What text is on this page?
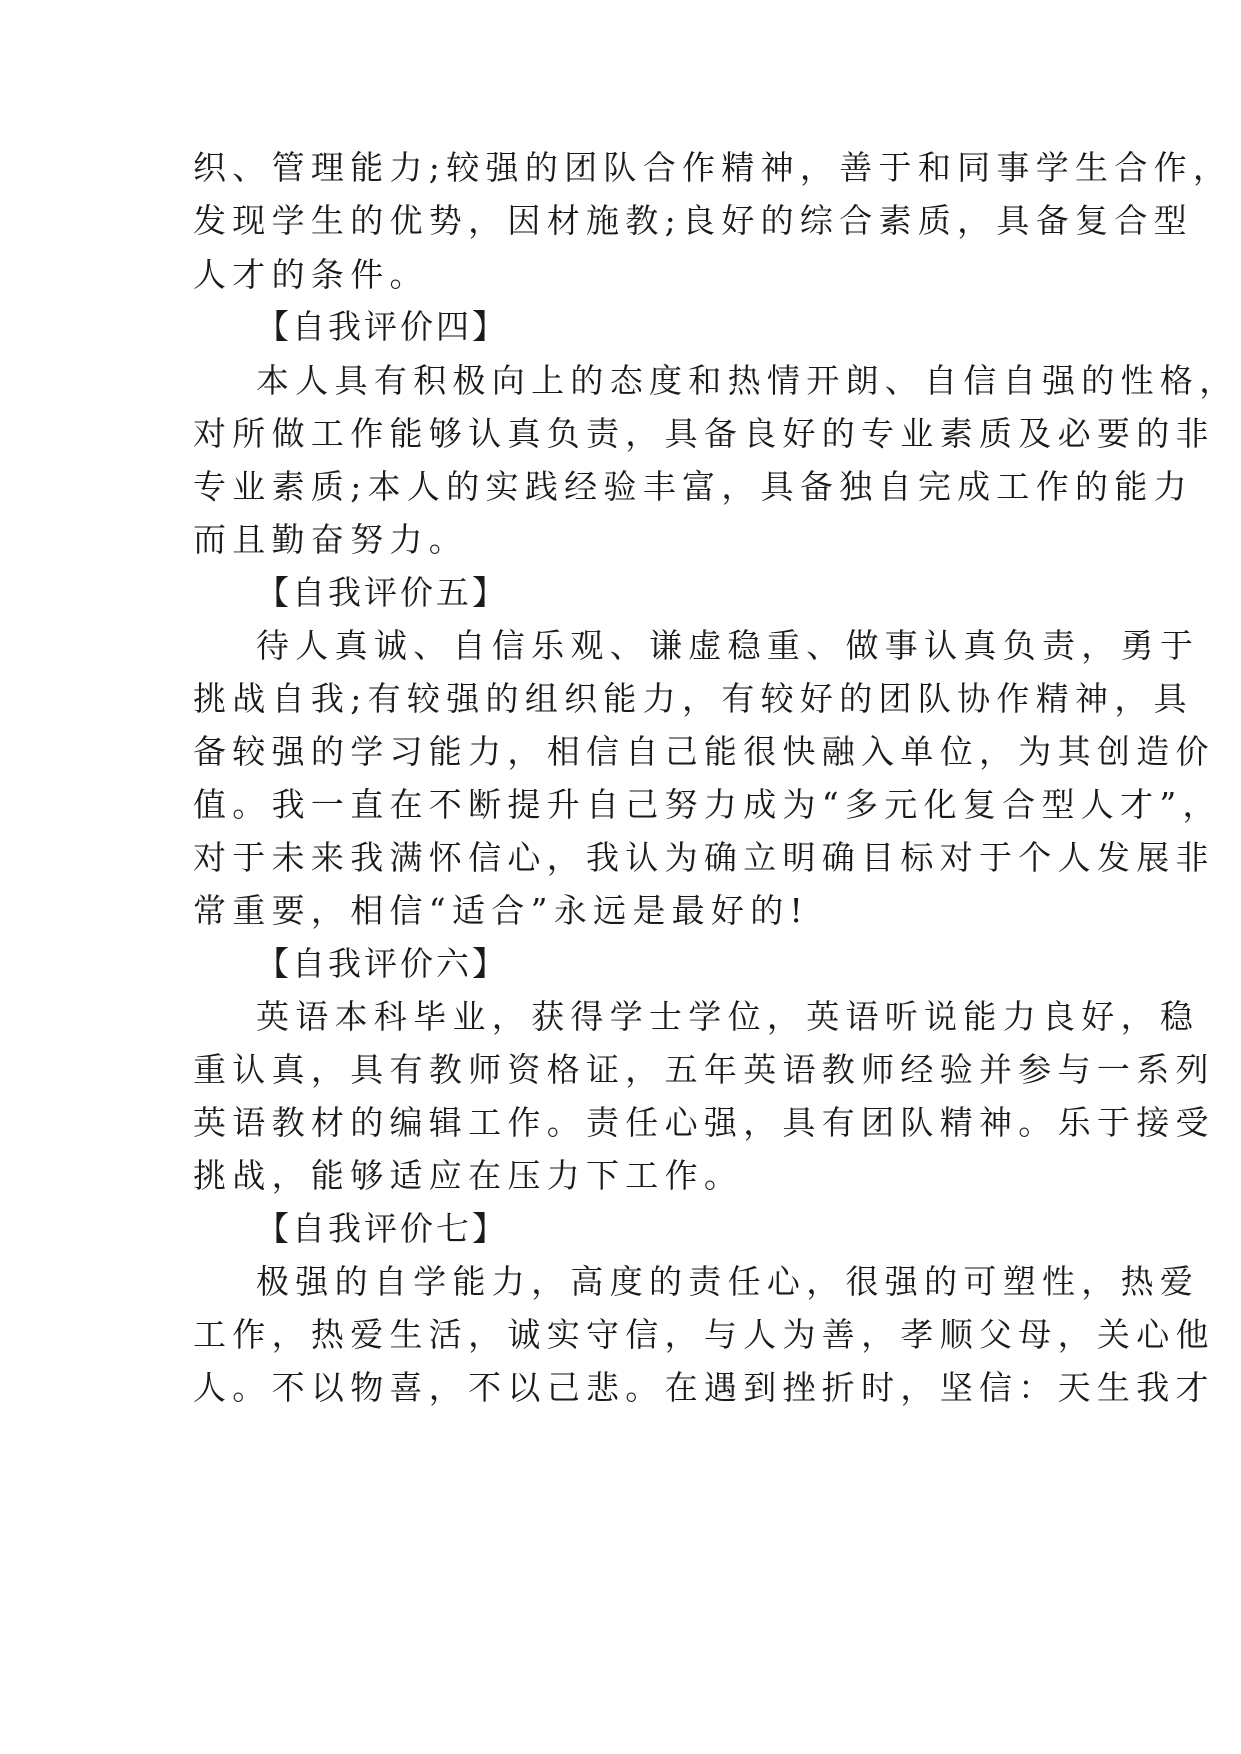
织、管理能力;较强的团队合作精神，善于和同事学生合作，
发现学生的优势，因材施教;良好的综合素质，具备复合型
人才的条件。
【自我评价四】
本人具有积极向上的态度和热情开朗、自信自强的性格，
对所做工作能够认真负责，具备良好的专业素质及必要的非
专业素质;本人的实践经验丰富，具备独自完成工作的能力
而且勤奋努力。
【自我评价五】
待人真诚、自信乐观、谦虚稳重、做事认真负责，勇于
挑战自我;有较强的组织能力，有较好的团队协作精神，具
备较强的学习能力，相信自己能很快融入单位，为其创造价
值。我一直在不断提升自己努力成为“多元化复合型人才”，
对于未来我满怀信心，我认为确立明确目标对于个人发展非
常重要，相信“适合”永远是最好的!
【自我评价六】
英语本科毕业，获得学士学位，英语听说能力良好，稳
重认真，具有教师资格证，五年英语教师经验并参与一系列
英语教材的编辑工作。责任心强，具有团队精神。乐于接受
挑战，能够适应在压力下工作。
【自我评价七】
极强的自学能力，高度的责任心，很强的可塑性，热爱
工作，热爱生活，诚实守信，与人为善，孝顺父母，关心他
人。不以物喜，不以己悲。在遇到挫折时，坚信：天生我才
